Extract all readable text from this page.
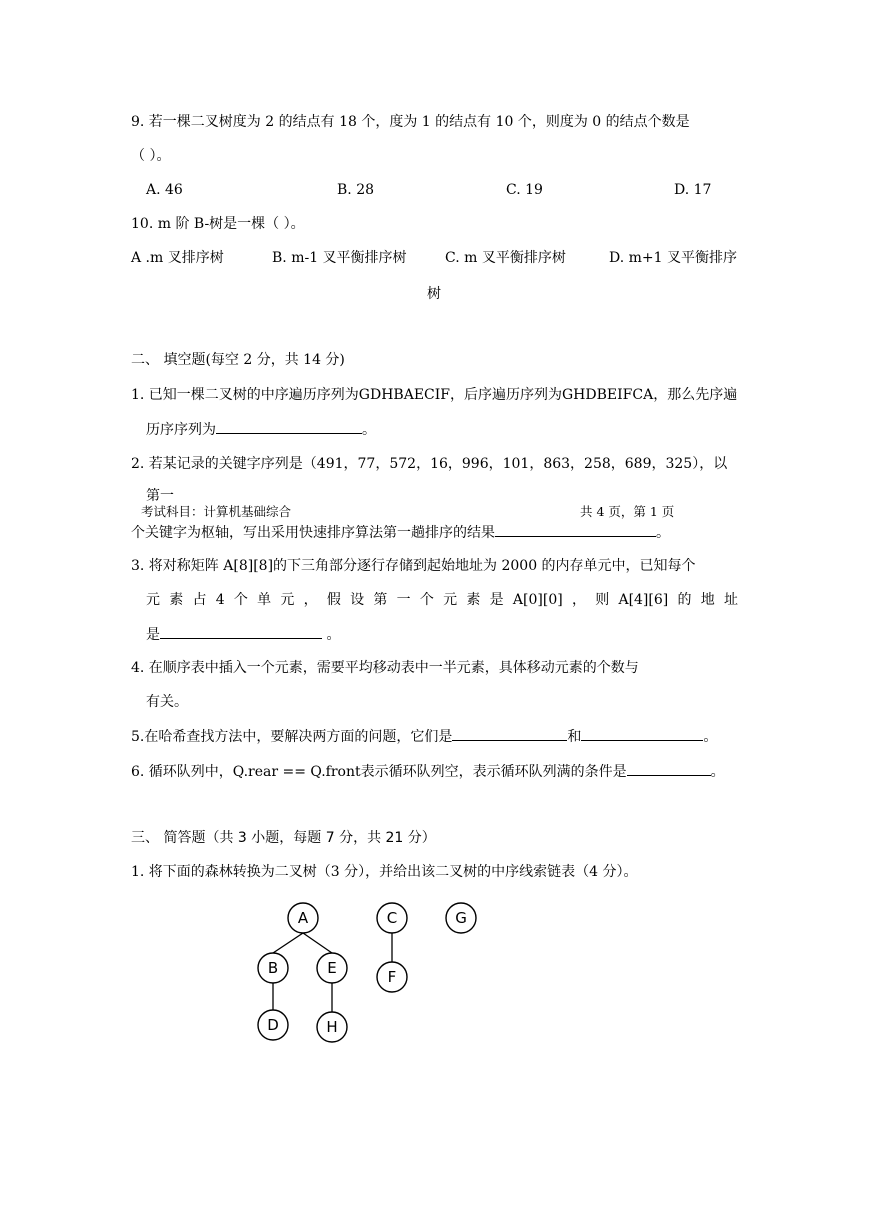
9. 若一棵二叉树度为 2 的结点有 18 个，度为 1 的结点有 10 个，则度为 0 的结点个数是
（ ）。
A. 46	B. 28	C. 19	D. 17
10. m 阶 B-树是一棵（ ）。
A .m 叉排序树	B. m-1 叉平衡排序树	C. m 叉平衡排序树	D. m+1 叉平衡排序
树
二、 填空题(每空 2 分，共 14 分)
1. 已知一棵二叉树的中序遍历序列为GDHBAECIF，后序遍历序列为GHDBEIFCA，那么先序遍
历序序列为	。
2. 若某记录的关键字序列是（491，77，572，16，996，101，863，258，689，325），以
第一
考试科目：计算机基础综合	共 4 页，第 1 页
个关键字为枢轴，写出采用快速排序算法第一趟排序的结果	。
3. 将对称矩阵 A[8][8]的下三角部分逐行存储到起始地址为 2000 的内存单元中，已知每个
元 素 占 4 个 单 元 ， 假 设 第 一 个 元 素 是 A[0][0] ， 则 A[4][6] 的 地 址
是	。
4. 在顺序表中插入一个元素，需要平均移动表中一半元素，具体移动元素的个数与
有关。
5.在哈希查找方法中，要解决两方面的问题，它们是	和	。
6. 循环队列中，Q.rear == Q.front表示循环队列空，表示循环队列满的条件是	。
三、 简答题（共 3 小题，每题 7 分，共 21 分）
1. 将下面的森林转换为二叉树（3 分），并给出该二叉树的中序线索链表（4 分）。
A
B	E
D	H
C
F
G
